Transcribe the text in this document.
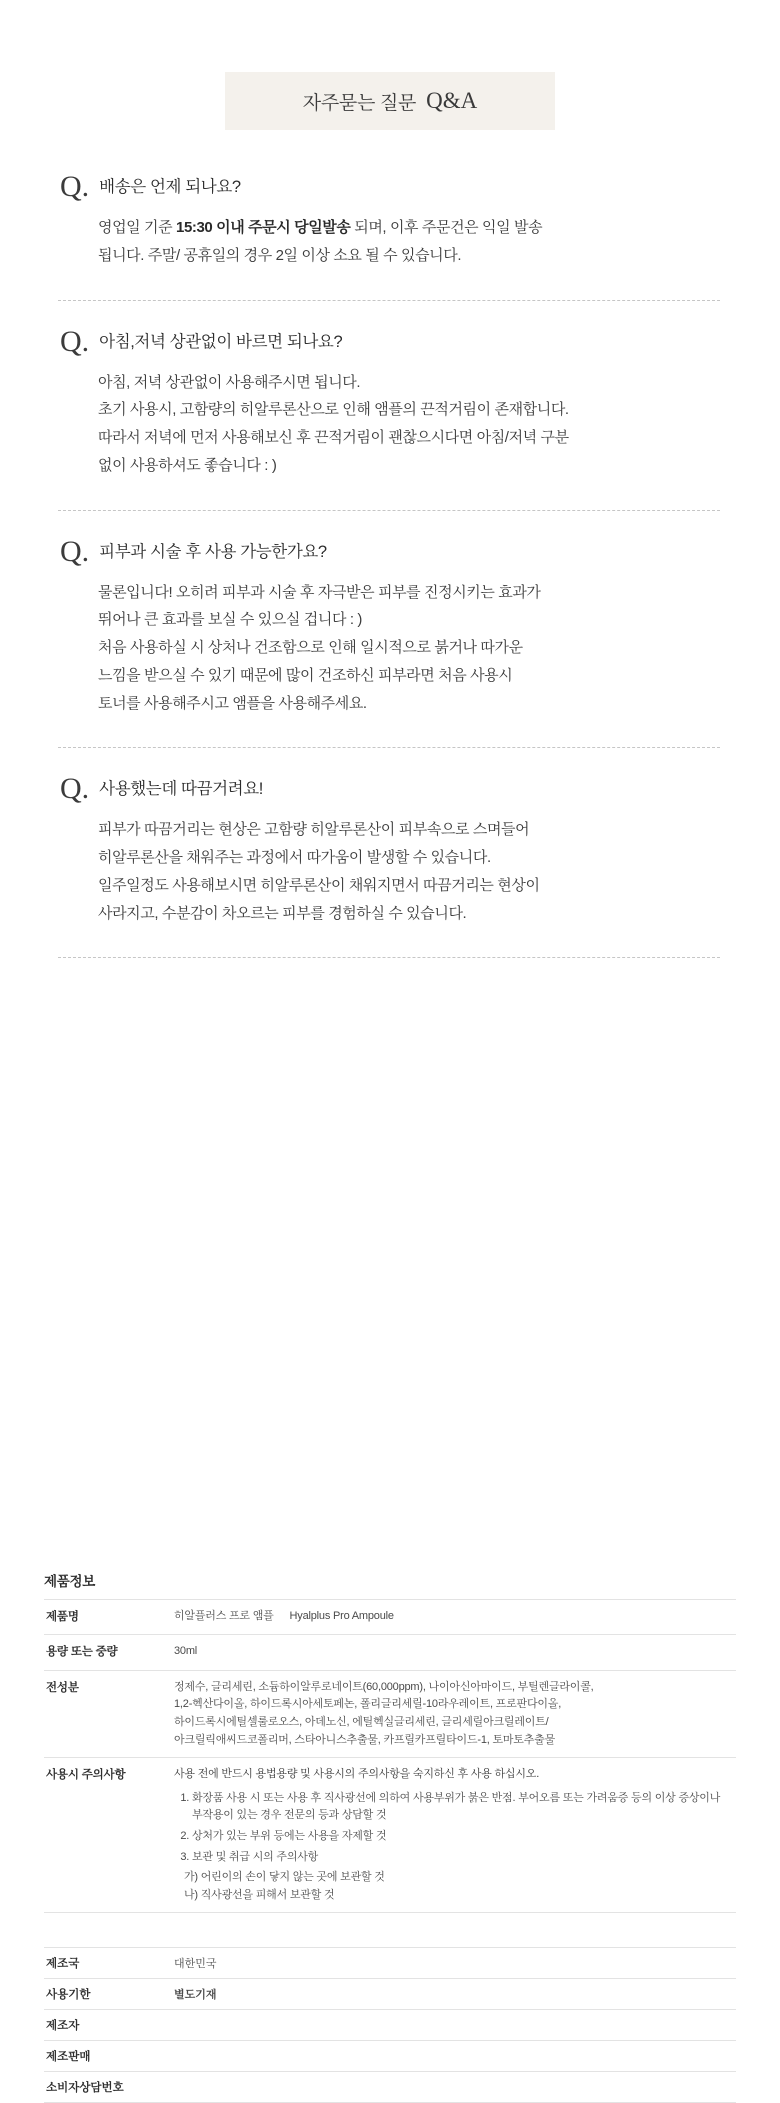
자주묻는 질문 Q&A
Q. 배송은 언제 되나요?
영업일 기준 15:30 이내 주문시 당일발송 되며, 이후 주문건은 익일 발송
됩니다. 주말/ 공휴일의 경우 2일 이상 소요 될 수 있습니다.
Q. 아침,저녁 상관없이 바르면 되나요?
아침, 저녁 상관없이 사용해주시면 됩니다.
초기 사용시, 고함량의 히알루론산으로 인해 앰플의 끈적거림이 존재합니다.
따라서 저녁에 먼저 사용해보신 후 끈적거림이 괜찮으시다면 아침/저녁 구분
없이 사용하셔도 좋습니다 : )
Q. 피부과 시술 후 사용 가능한가요?
물론입니다! 오히려 피부과 시술 후 자극받은 피부를 진정시키는 효과가
뛰어나 큰 효과를 보실 수 있으실 겁니다 : )
처음 사용하실 시 상처나 건조함으로 인해 일시적으로 붉거나 따가운
느낌을 받으실 수 있기 때문에 많이 건조하신 피부라면 처음 사용시
토너를 사용해주시고 앰플을 사용해주세요.
Q. 사용했는데 따끔거려요!
피부가 따끔거리는 현상은 고함량 히알루론산이 피부속으로 스며들어
히알루론산을 채워주는 과정에서 따가움이 발생할 수 있습니다.
일주일정도 사용해보시면 히알루론산이 채워지면서 따끔거리는 현상이
사라지고, 수분감이 차오르는 피부를 경험하실 수 있습니다.
제품정보
제품명	히알플러스 프로 앰플 Hyalplus Pro Ampoule
용량 또는 중량	30ml
전성분	정제수, 글리세린, 소듐하이알루로네이트(60,000ppm), 나이아신아마이드, 부틸렌글라이콜,
1,2-헥산다이올, 하이드록시아세토페논, 폴리글리세릴-10라우레이트, 프로판다이올,
하이드록시에틸셀룰로오스, 아데노신, 에틸헥실글리세린, 글리세릴아크릴레이트/
아크릴릭애씨드코폴리머, 스타아니스추출물, 카프릴카프릴타이드-1, 토마토추출물
사용시 주의사항	사용 전에 반드시 용법용량 및 사용시의 주의사항을 숙지하신 후 사용 하십시오.
1. 화장품 사용 시 또는 사용 후 직사광선에 의하여 사용부위가 붉은 반점. 부어오름 또는 가려움증 등의 이상 증상이나 부작용이 있는 경우 전문의 등과 상담할 것
2. 상처가 있는 부위 등에는 사용을 자제할 것
3. 보관 및 취급 시의 주의사항
가) 어린이의 손이 닿지 않는 곳에 보관할 것
나) 직사광선을 피해서 보관할 것
제조국	대한민국
사용기한	별도기재
제조자	
제조판매	
소비자상담번호	
